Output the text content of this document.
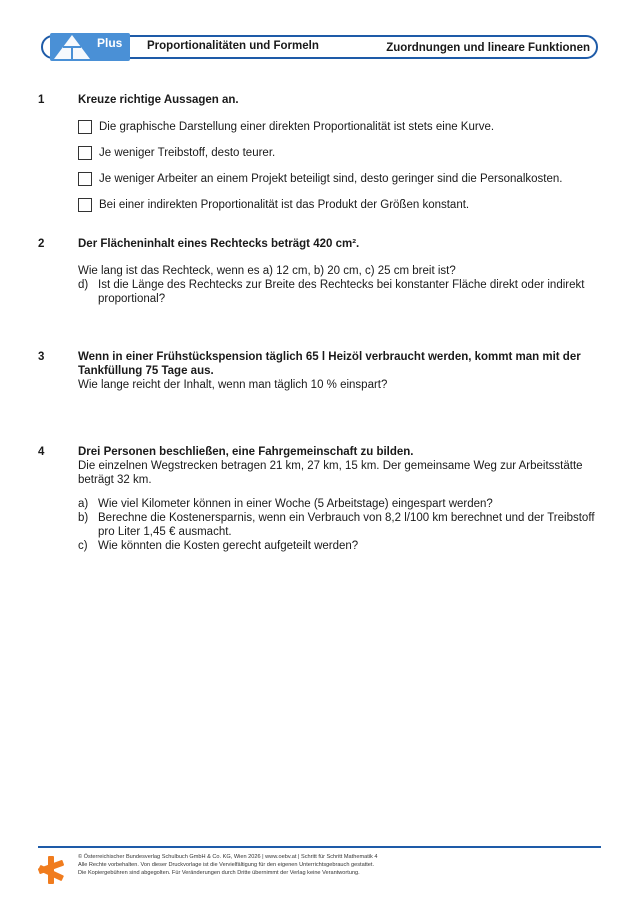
Plus Proportionalitäten und Formeln	Zuordnungen und lineare Funktionen
1	Kreuze richtige Aussagen an.

Die graphische Darstellung einer direkten Proportionalität ist stets eine Kurve.
Je weniger Treibstoff, desto teurer.
Je weniger Arbeiter an einem Projekt beteiligt sind, desto geringer sind die Personalkosten.
Bei einer indirekten Proportionalität ist das Produkt der Größen konstant.
2	Der Flächeninhalt eines Rechtecks beträgt 420 cm².

Wie lang ist das Rechteck, wenn es a) 12 cm, b) 20 cm, c) 25 cm breit ist?

d) Ist die Länge des Rechtecks zur Breite des Rechtecks bei konstanter Fläche direkt oder indirekt proportional?
3	Wenn in einer Frühstückspension täglich 65 l Heizöl verbraucht werden, kommt man mit der Tankfüllung 75 Tage aus.

Wie lange reicht der Inhalt, wenn man täglich 10 % einspart?

4	Drei Personen beschließen, eine Fahrgemeinschaft zu bilden.

Die einzelnen Wegstrecken betragen 21 km, 27 km, 15 km. Der gemeinsame Weg zur Arbeitsstätte beträgt 32 km.

a) Wie viel Kilometer können in einer Woche (5 Arbeitstage) eingespart werden?
b) Berechne die Kostenersparnis, wenn ein Verbrauch von 8,2 l/100 km berechnet und der Treibstoff pro Liter 1,45 € ausmacht.
c) Wie könnten die Kosten gerecht aufgeteilt werden?
© Österreichischer Bundesverlag Schulbuch GmbH & Co. KG, Wien 2026 | www.oebv.at | Schritt für Schritt Mathematik 4
Alle Rechte vorbehalten. Von dieser Druckvorlage ist die Vervielfältigung für den eigenen Unterrichtsgebrauch gestattet.
Die Kopiergebühren sind abgegolten. Für Veränderungen durch Dritte übernimmt der Verlag keine Verantwortung.
